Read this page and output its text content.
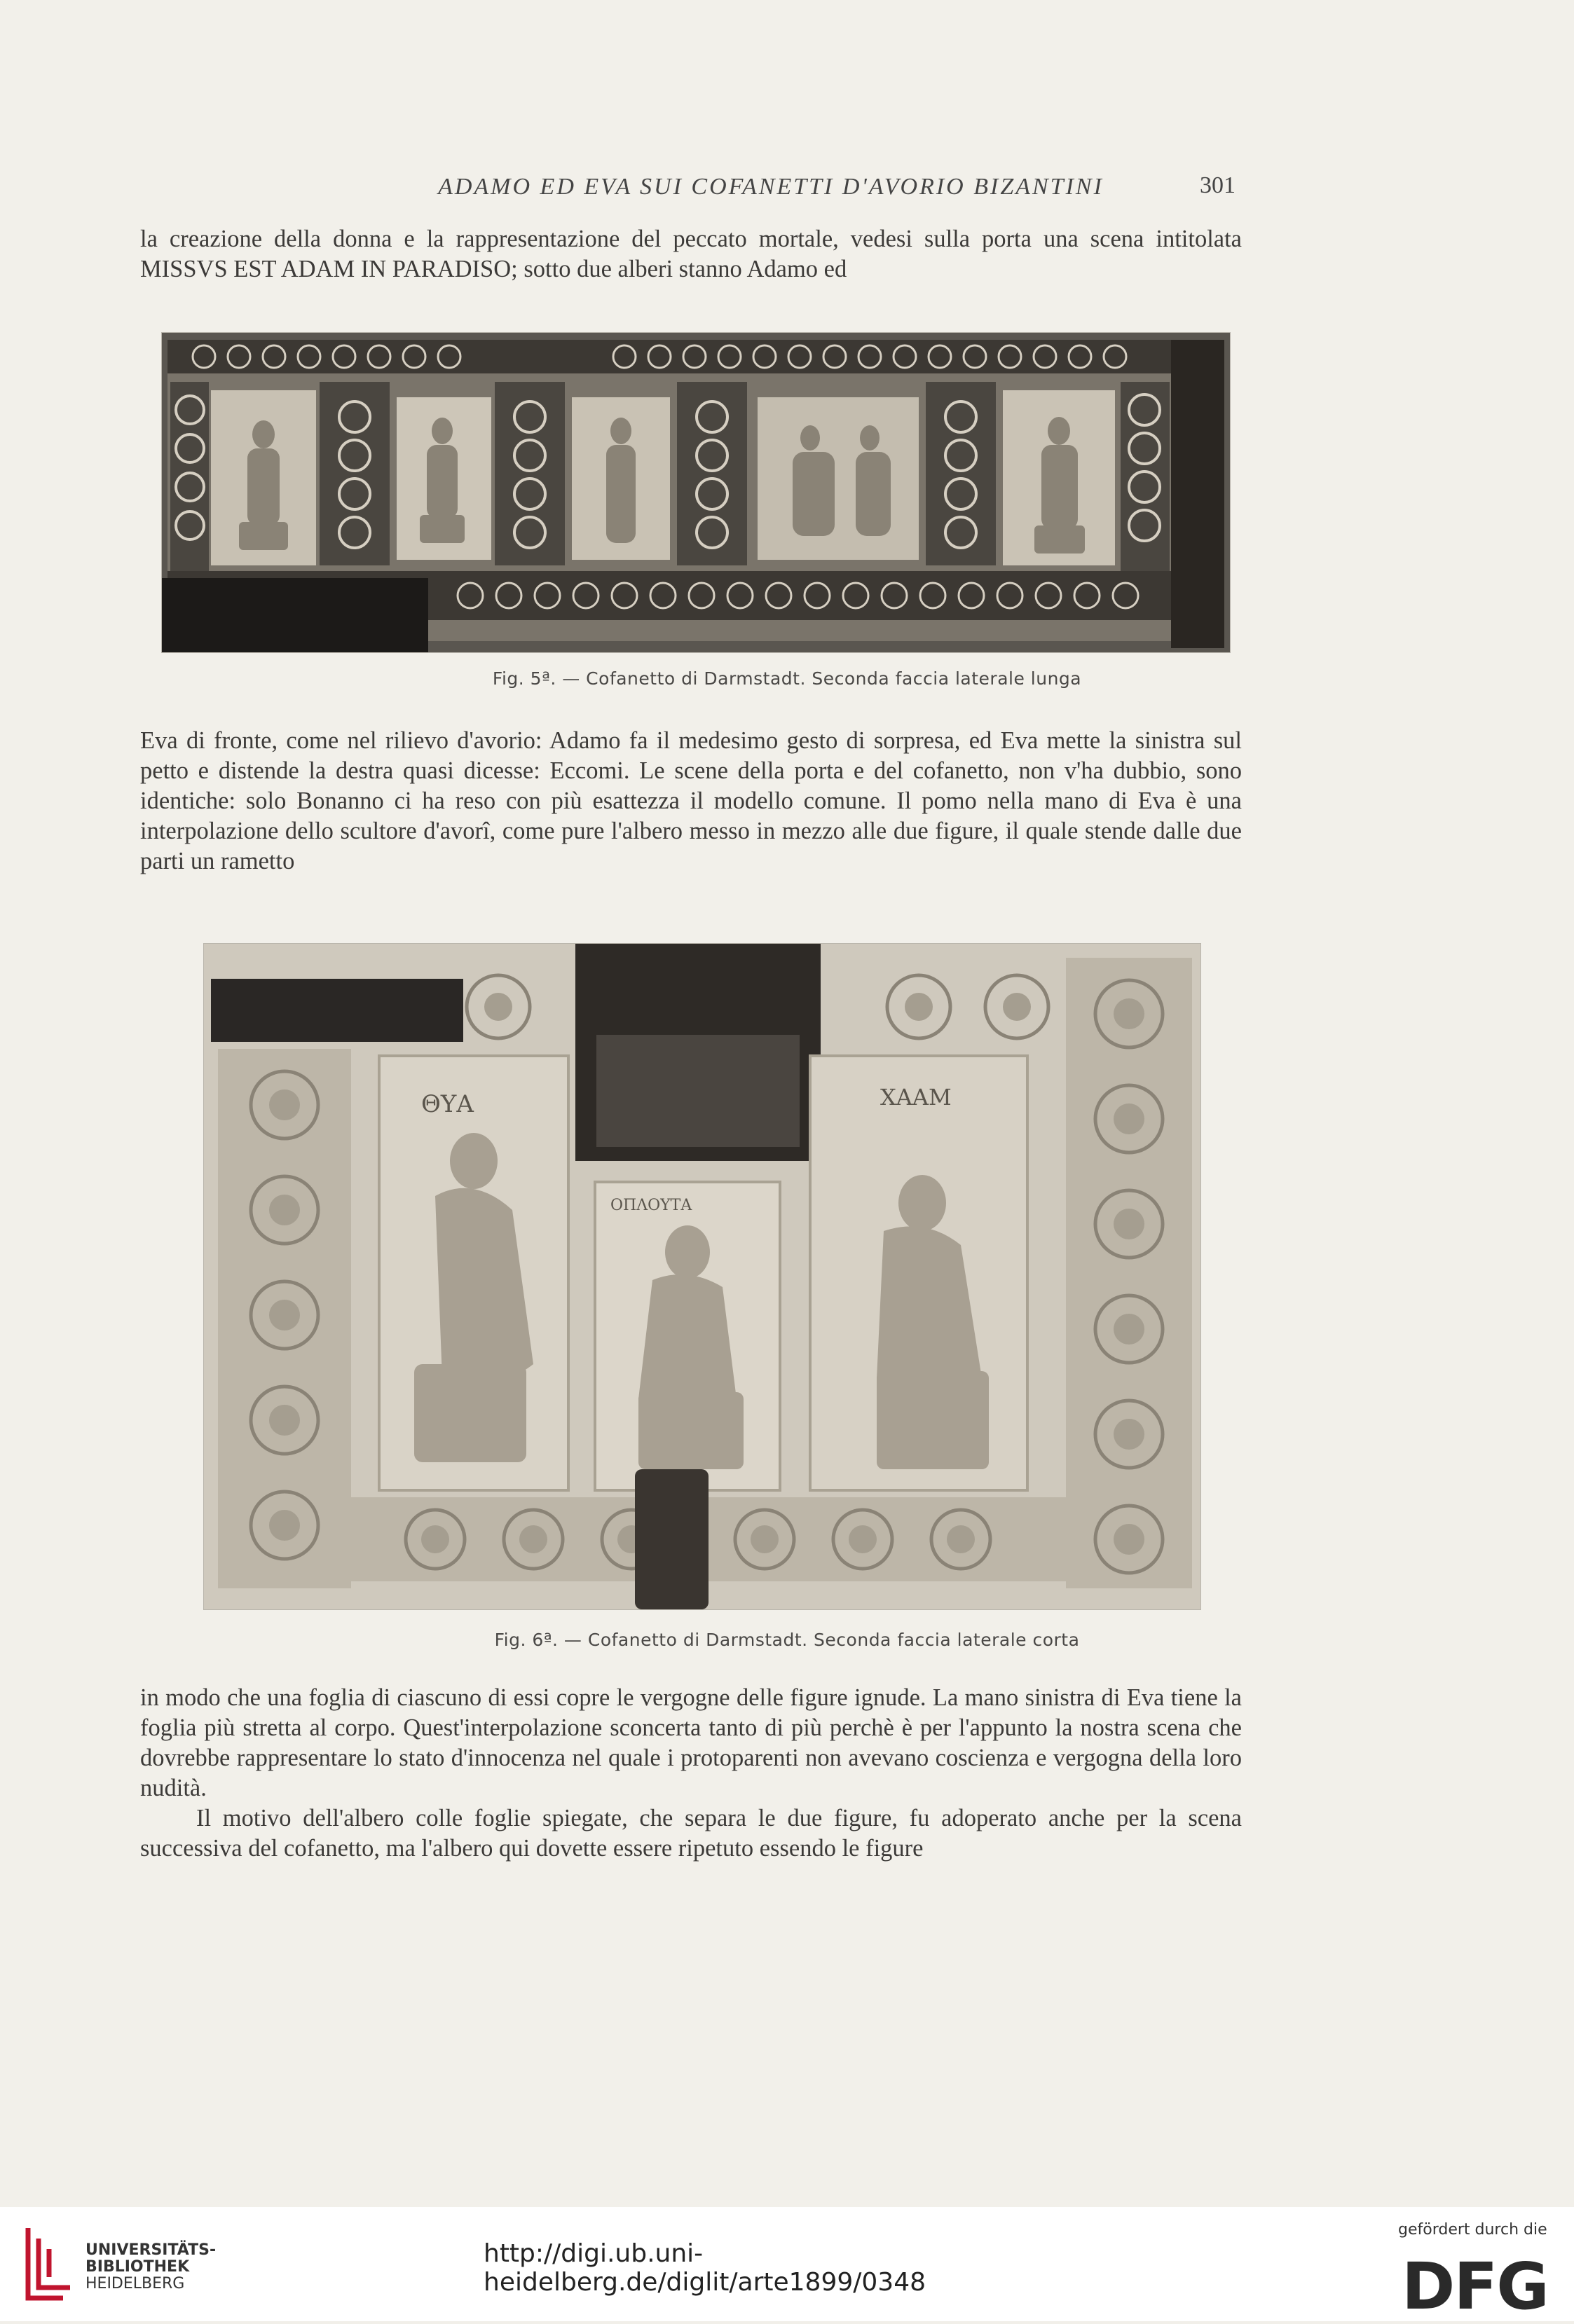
ADAMO ED EVA SUI COFANETTI D'AVORIO BIZANTINI	301

la creazione della donna e la rappresentazione del peccato mortale, vedesi sulla porta una scena intitolata MISSVS EST ADAM IN PARADISO; sotto due alberi stanno Adamo ed

Fig. 5ª. — Cofanetto di Darmstadt. Seconda faccia laterale lunga

Eva di fronte, come nel rilievo d'avorio: Adamo fa il medesimo gesto di sorpresa, ed Eva mette la sinistra sul petto e distende la destra quasi dicesse: Eccomi. Le scene della porta e del cofanetto, non v'ha dubbio, sono identiche: solo Bonanno ci ha reso con più esattezza il modello comune. Il pomo nella mano di Eva è una interpolazione dello scultore d'avorî, come pure l'albero messo in mezzo alle due figure, il quale stende dalle due parti un rametto

ΘΥΑ
ΟΠΛΟΥΤΑ
ΧΑΑΜ
Fig. 6ª. — Cofanetto di Darmstadt. Seconda faccia laterale corta

in modo che una foglia di ciascuno di essi copre le vergogne delle figure ignude. La mano sinistra di Eva tiene la foglia più stretta al corpo. Quest'interpolazione sconcerta tanto di più perchè è per l'appunto la nostra scena che dovrebbe rappresentare lo stato d'innocenza nel quale i protoparenti non avevano coscienza e vergogna della loro nudità.

Il motivo dell'albero colle foglie spiegate, che separa le due figure, fu adoperato anche per la scena successiva del cofanetto, ma l'albero qui dovette essere ripetuto essendo le figure

UNIVERSITÄTS-
BIBLIOTHEK
HEIDELBERG
http://digi.ub.uni-heidelberg.de/diglit/arte1899/0348
gefördert durch die
DFG
